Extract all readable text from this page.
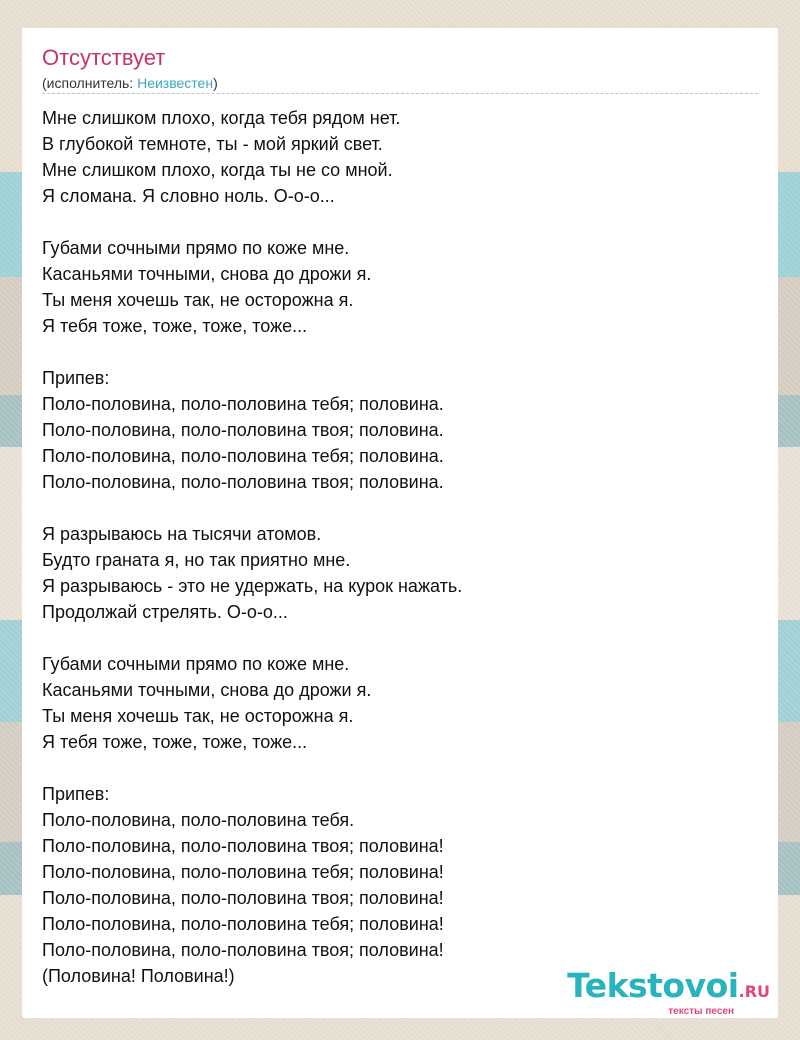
Отсутствует
(исполнитель: Неизвестен)
Мне слишком плохо, когда тебя рядом нет.
В глубокой темноте, ты - мой яркий свет.
Мне слишком плохо, когда ты не со мной.
Я сломана. Я словно ноль. О-о-о...
Губами сочными прямо по коже мне.
Касаньями точными, снова до дрожи я.
Ты меня хочешь так, не осторожна я.
Я тебя тоже, тоже, тоже, тоже...
Припев:
Поло-половина, поло-половина тебя; половина.
Поло-половина, поло-половина твоя; половина.
Поло-половина, поло-половина тебя; половина.
Поло-половина, поло-половина твоя; половина.
Я разрываюсь на тысячи атомов.
Будто граната я, но так приятно мне.
Я разрываюсь - это не удержать, на курок нажать.
Продолжай стрелять. О-о-о...
Губами сочными прямо по коже мне.
Касаньями точными, снова до дрожи я.
Ты меня хочешь так, не осторожна я.
Я тебя тоже, тоже, тоже, тоже...
Припев:
Поло-половина, поло-половина тебя.
Поло-половина, поло-половина твоя; половина!
Поло-половина, поло-половина тебя; половина!
Поло-половина, поло-половина твоя; половина!
Поло-половина, поло-половина тебя; половина!
Поло-половина, поло-половина твоя; половина!
(Половина! Половина!)	Tekstovoi.RU
тексты песен
